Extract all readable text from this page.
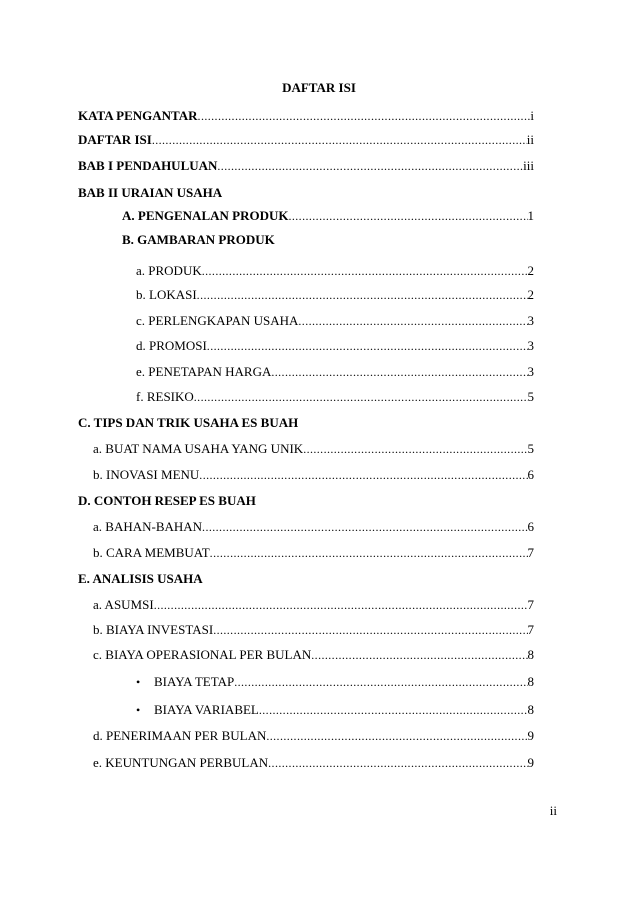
DAFTAR ISI
KATA PENGANTAR .....	i
DAFTAR ISI .....	ii
BAB I PENDAHULUAN .....	iii
BAB II URAIAN USAHA
A. PENGENALAN PRODUK .....	1
B. GAMBARAN PRODUK
a. PRODUK .....	2
b. LOKASI .....	2
c. PERLENGKAPAN USAHA .....	3
d. PROMOSI .....	3
e. PENETAPAN HARGA .....	3
f. RESIKO .....	5
C. TIPS DAN TRIK USAHA ES BUAH
a. BUAT NAMA USAHA YANG UNIK .....	5
b. INOVASI MENU .....	6
D. CONTOH RESEP ES BUAH
a. BAHAN-BAHAN .....	6
b. CARA MEMBUAT .....	7
E. ANALISIS USAHA
a. ASUMSI .....	7
b. BIAYA INVESTASI .....	7
c. BIAYA OPERASIONAL PER BULAN .....	8
•	BIAYA TETAP .....	8
•	BIAYA VARIABEL .....	8
d. PENERIMAAN PER BULAN .....	9
e. KEUNTUNGAN PERBULAN .....	9
ii
